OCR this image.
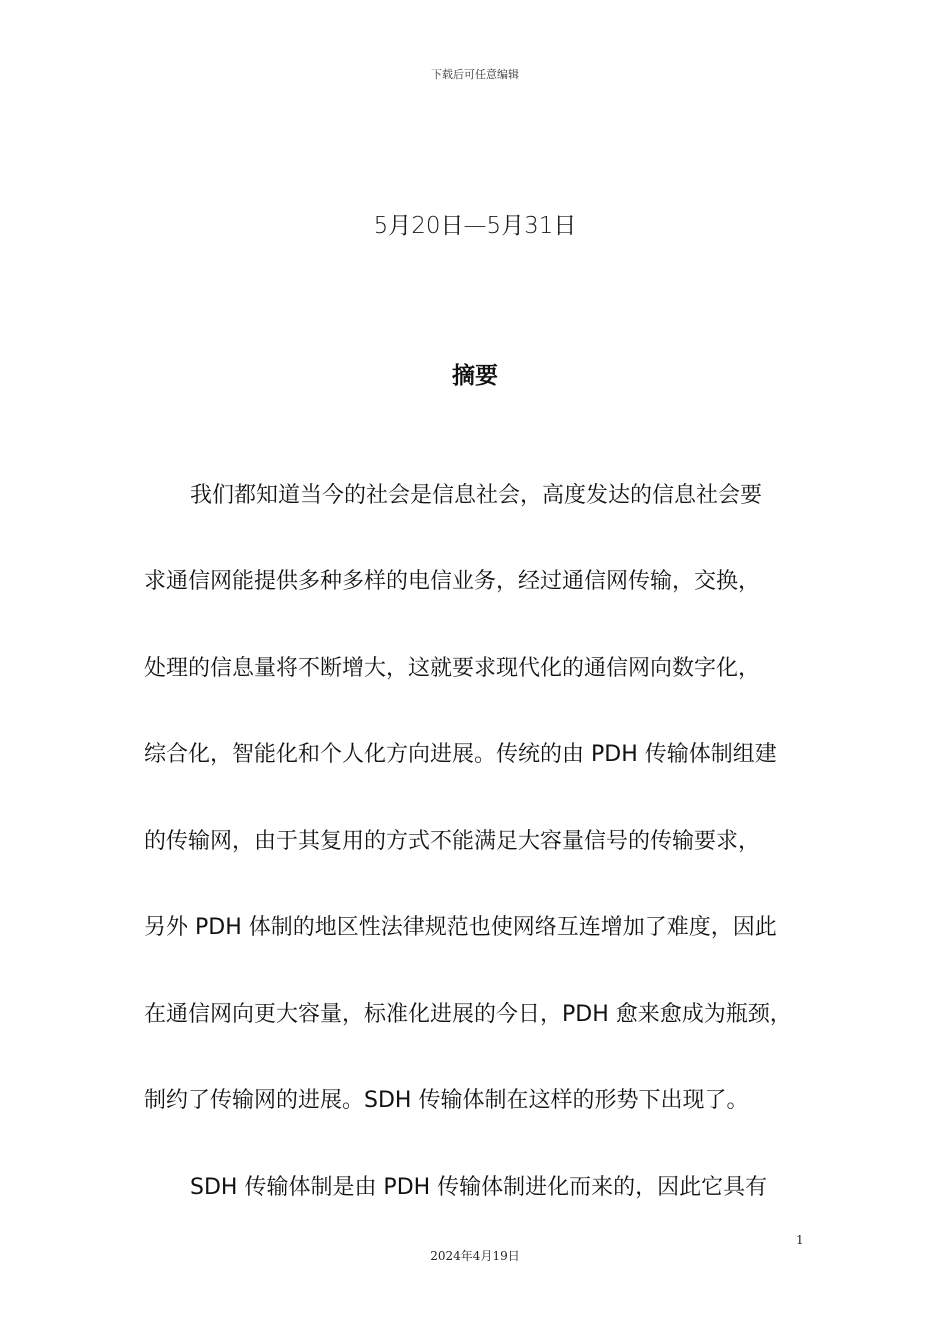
下载后可任意编辑
5月20日—5月31日
摘要
我们都知道当今的社会是信息社会，高度发达的信息社会要
求通信网能提供多种多样的电信业务，经过通信网传输，交换，
处理的信息量将不断增大，这就要求现代化的通信网向数字化，
综合化，智能化和个人化方向进展。传统的由 PDH 传输体制组建
的传输网，由于其复用的方式不能满足大容量信号的传输要求，
另外 PDH 体制的地区性法律规范也使网络互连增加了难度，因此
在通信网向更大容量，标准化进展的今日，PDH 愈来愈成为瓶颈，
制约了传输网的进展。SDH 传输体制在这样的形势下出现了。
SDH 传输体制是由 PDH 传输体制进化而来的，因此它具有
1
2024年4月19日
